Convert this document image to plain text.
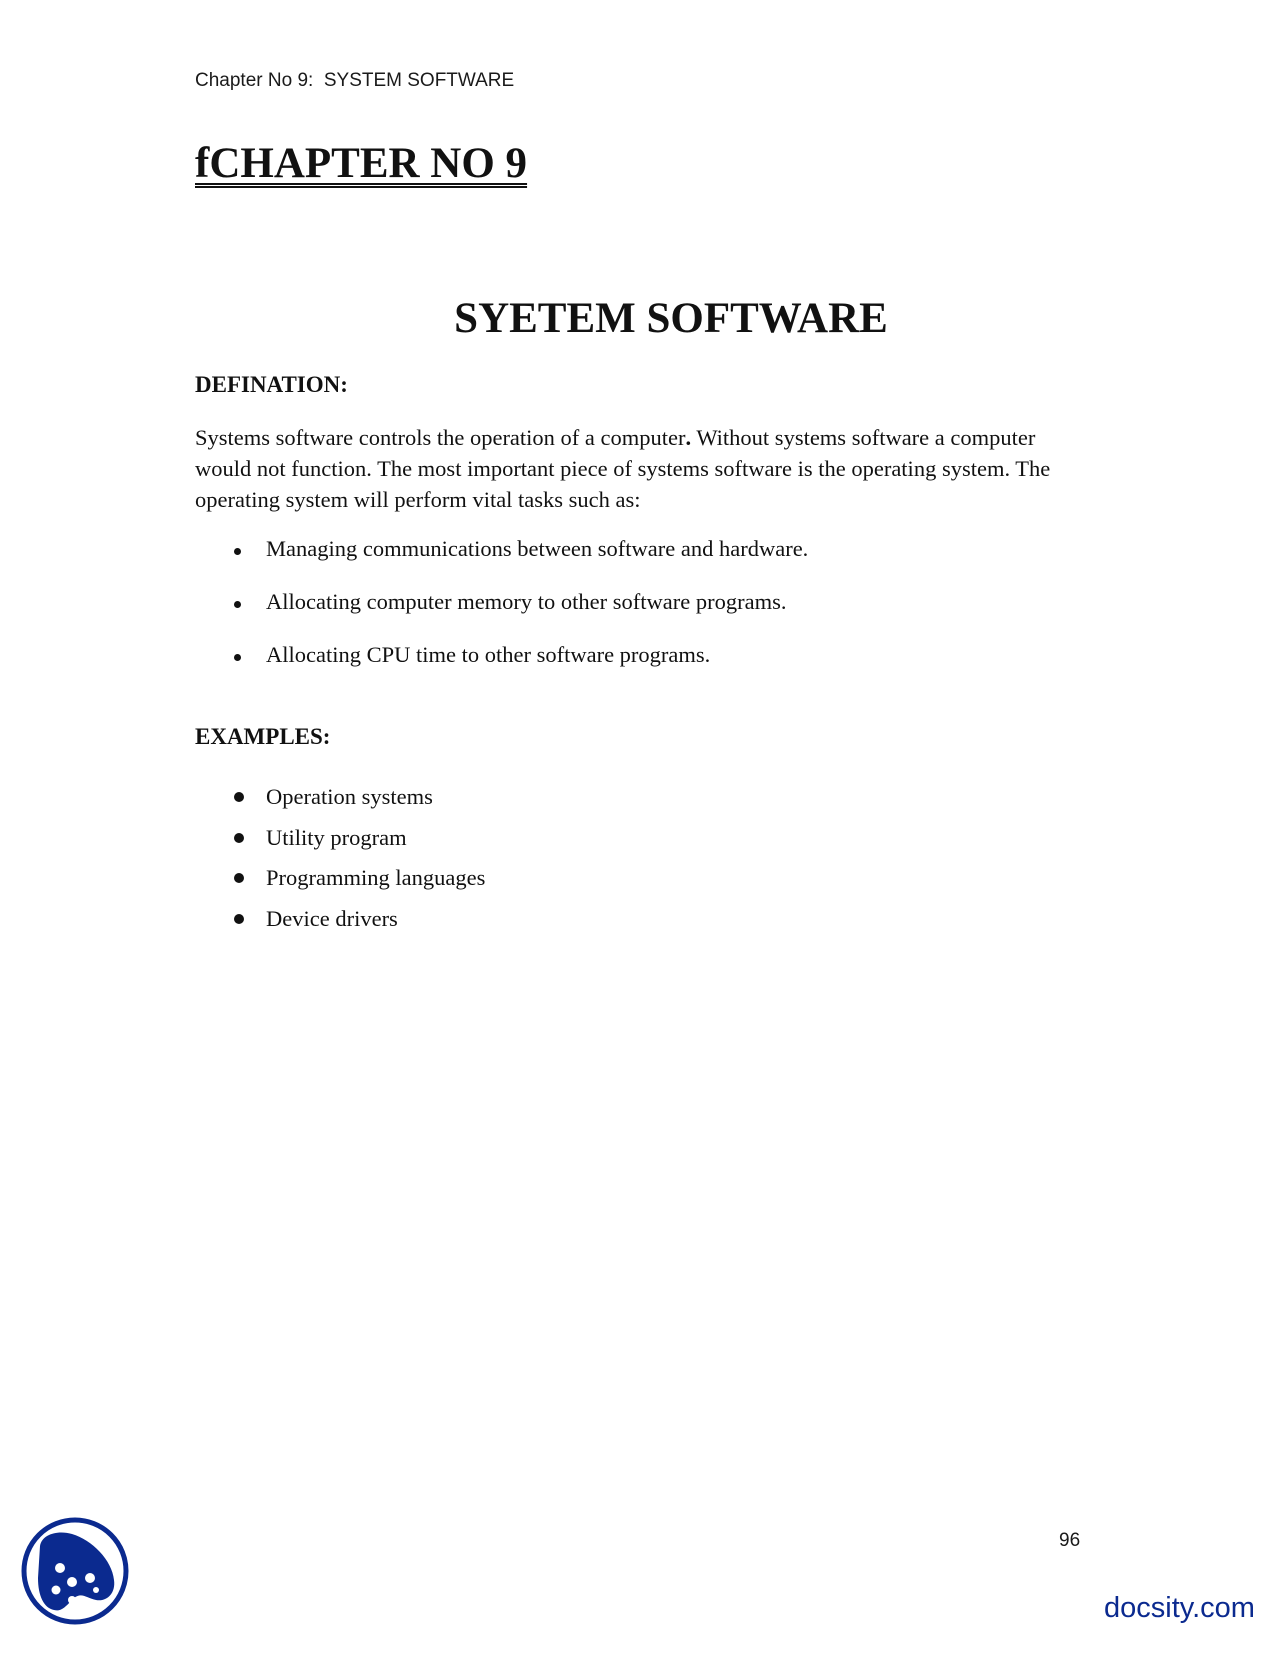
Chapter No 9:  SYSTEM SOFTWARE
fCHAPTER NO 9
SYETEM SOFTWARE
DEFINATION:

Systems software controls the operation of a computer. Without systems software a computer would not function. The most important piece of systems software is the operating system. The operating system will perform vital tasks such as:

Managing communications between software and hardware.
Allocating computer memory to other software programs.
Allocating CPU time to other software programs.
EXAMPLES:
Operation systems
Utility program
Programming languages
Device drivers
96
docsity.com
